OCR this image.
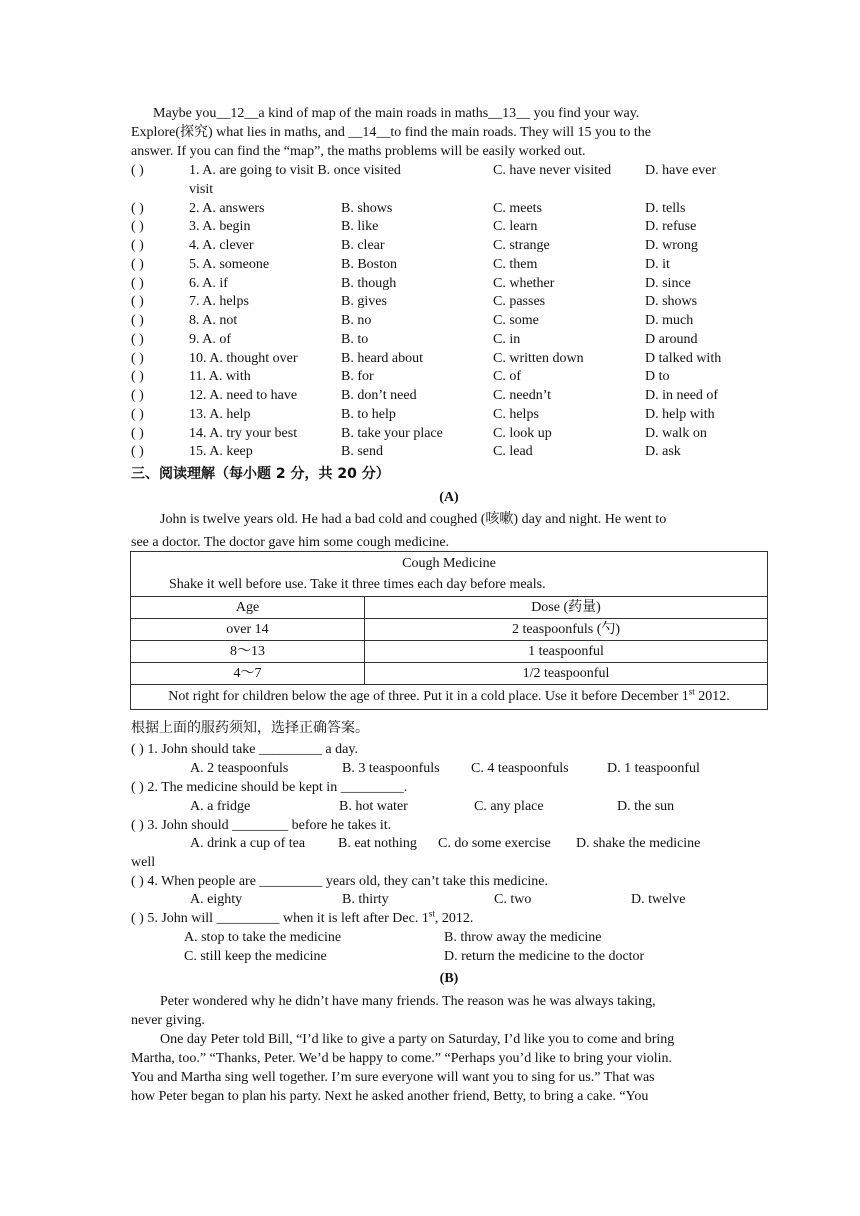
Maybe you__12__a kind of map of the main roads in maths__13__ you find your way.
Explore(探究) what lies in maths, and __14__to find the main roads. They will 15 you to the
answer. If you can find the “map”, the maths problems will be easily worked out.
( )	1. A. are going to visit B. once visited	C. have never visited D. have ever
visit
( )	2. A. answers	B. shows	C. meets	D. tells
( )	3. A. begin	B. like	C. learn	D. refuse
( )	4. A. clever	B. clear	C. strange	D. wrong
( )	5. A. someone	B. Boston	C. them	D. it
( )	6. A. if	B. though	C. whether	D. since
( )	7. A. helps	B. gives	C. passes	D. shows
( )	8. A. not	B. no	C. some	D. much
( )	9. A. of	B. to	C. in	D around
( )	10. A. thought over	B. heard about	C. written down	D talked with
( )	11. A. with	B. for	C. of	D to
( )	12. A. need to have	B. don’t need	C. needn’t	D. in need of
( )	13. A. help	B. to help	C. helps	D. help with
( )	14. A. try your best	B. take your place	C. look up	D. walk on
( )	15. A. keep	B. send	C. lead	D. ask
三、阅读理解（每小题 2 分，共 20 分）
(A)
John is twelve years old. He had a bad cold and coughed (咳嗽) day and night. He went to
see a doctor. The doctor gave him some cough medicine.
Cough Medicine
Shake it well before use. Take it three times each day before meals.	

Age	Dose (药量)
over 14	2 teaspoonfuls (勺)
8～13	1 teaspoonful
4～7	1/2 teaspoonful
Not right for children below the age of three. Put it in a cold place. Use it before December 1st 2012.	
根据上面的服药须知，选择正确答案。
( ) 1. John should take _________ a day.
A. 2 teaspoonfuls	B. 3 teaspoonfuls C. 4 teaspoonfuls	D. 1 teaspoonful
( ) 2. The medicine should be kept in _________.
A. a fridge	B. hot water	C. any place	D. the sun
( ) 3. John should ________ before he takes it.
A. drink a cup of tea B. eat nothing C. do some exercise D. shake the medicine
well
( ) 4. When people are _________ years old, they can’t take this medicine.
A. eighty	B. thirty	C. two	D. twelve
( ) 5. John will _________ when it is left after Dec. 1st, 2012.
A. stop to take the medicine	B. throw away the medicine
C. still keep the medicine	D. return the medicine to the doctor
(B)
Peter wondered why he didn’t have many friends. The reason was he was always taking,
never giving.
One day Peter told Bill, “I’d like to give a party on Saturday, I’d like you to come and bring
Martha, too.” “Thanks, Peter. We’d be happy to come.” “Perhaps you’d like to bring your violin.
You and Martha sing well together. I’m sure everyone will want you to sing for us.” That was
how Peter began to plan his party. Next he asked another friend, Betty, to bring a cake. “You
